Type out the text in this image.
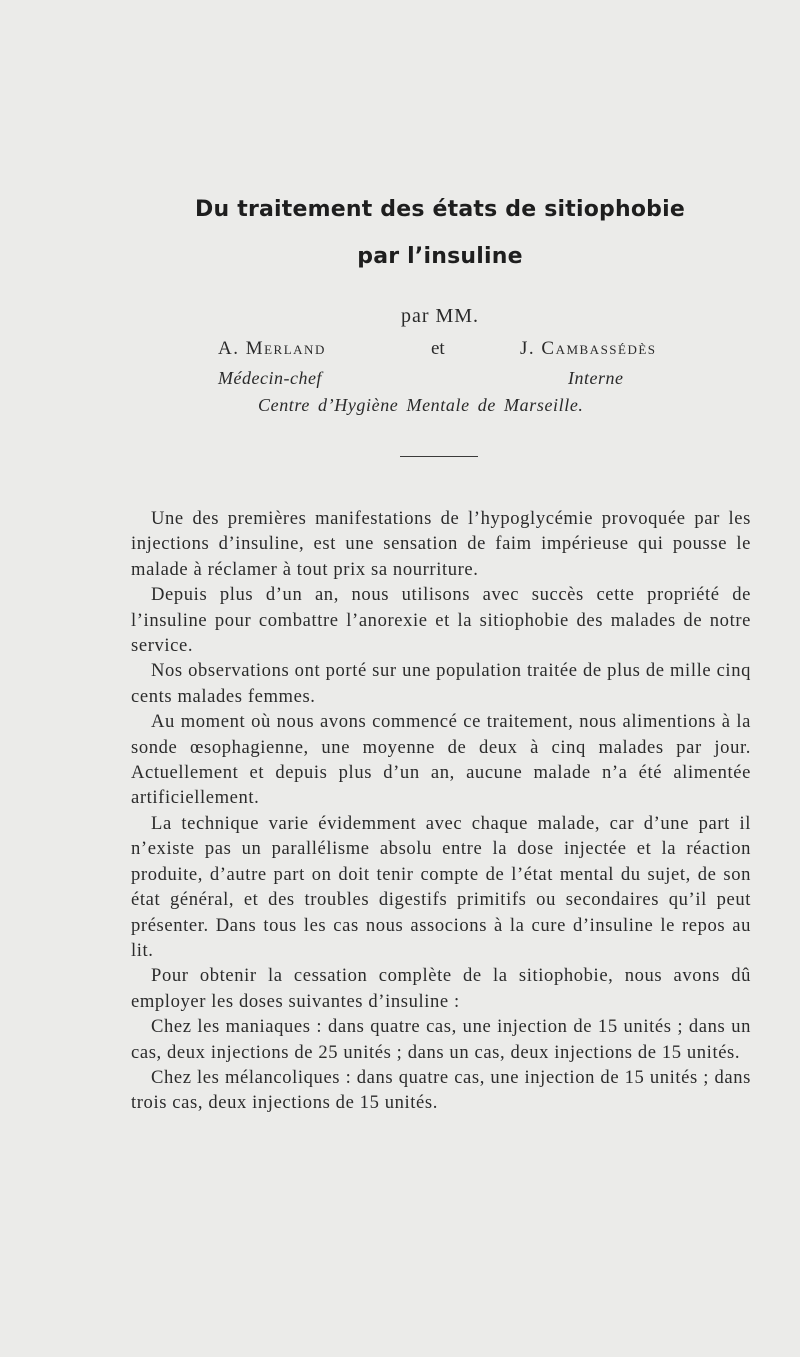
Du traitement des états de sitiophobie
par l’insuline
par MM.
A. Merland	et	J. Cambassédès
Médecin-chef	Interne
Centre d’Hygiène Mentale de Marseille.

Une des premières manifestations de l’hypoglycémie provoquée par les injections d’insuline, est une sensation de faim impérieuse qui pousse le malade à réclamer à tout prix sa nourriture.

Depuis plus d’un an, nous utilisons avec succès cette propriété de l’insuline pour combattre l’anorexie et la sitiophobie des malades de notre service.

Nos observations ont porté sur une population traitée de plus de mille cinq cents malades femmes.

Au moment où nous avons commencé ce traitement, nous alimentions à la sonde œsophagienne, une moyenne de deux à cinq malades par jour. Actuellement et depuis plus d’un an, aucune malade n’a été alimentée artificiellement.

La technique varie évidemment avec chaque malade, car d’une part il n’existe pas un parallélisme absolu entre la dose injectée et la réaction produite, d’autre part on doit tenir compte de l’état mental du sujet, de son état général, et des troubles digestifs primitifs ou secondaires qu’il peut présenter. Dans tous les cas nous associons à la cure d’insuline le repos au lit.

Pour obtenir la cessation complète de la sitiophobie, nous avons dû employer les doses suivantes d’insuline :

Chez les maniaques : dans quatre cas, une injection de 15 unités ; dans un cas, deux injections de 25 unités ; dans un cas, deux injections de 15 unités.

Chez les mélancoliques : dans quatre cas, une injection de 15 unités ; dans trois cas, deux injections de 15 unités.
